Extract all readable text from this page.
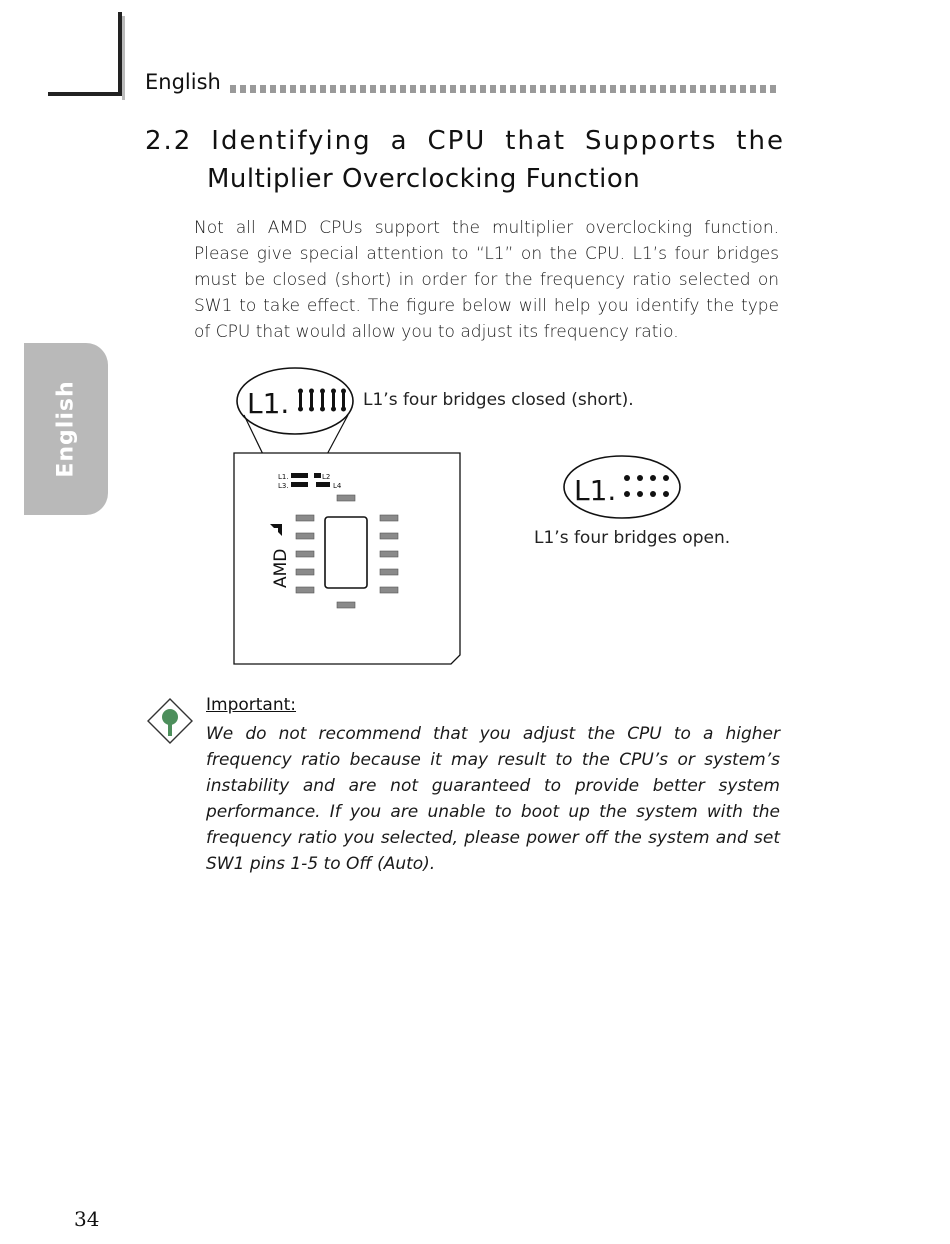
English
English
2.2 Identifying a CPU that Supports the
Multiplier Overclocking Function
Not all AMD CPUs support the multiplier overclocking function. Please give special attention to “L1” on the CPU. L1’s four bridges must be closed (short) in order for the frequency ratio selected on SW1 to take effect. The figure below will help you identify the type of CPU that would allow you to adjust its frequency ratio.
L1.
L1.	L2
L3.	L4
AMD
L1.
L1’s four bridges closed (short).
L1’s four bridges open.
Important:
We do not recommend that you adjust the CPU to a higher frequency ratio because it may result to the CPU’s or system’s instability and are not guaranteed to provide better system performance. If you are unable to boot up the system with the frequency ratio you selected, please power off the system and set SW1 pins 1-5 to Off (Auto).
34
